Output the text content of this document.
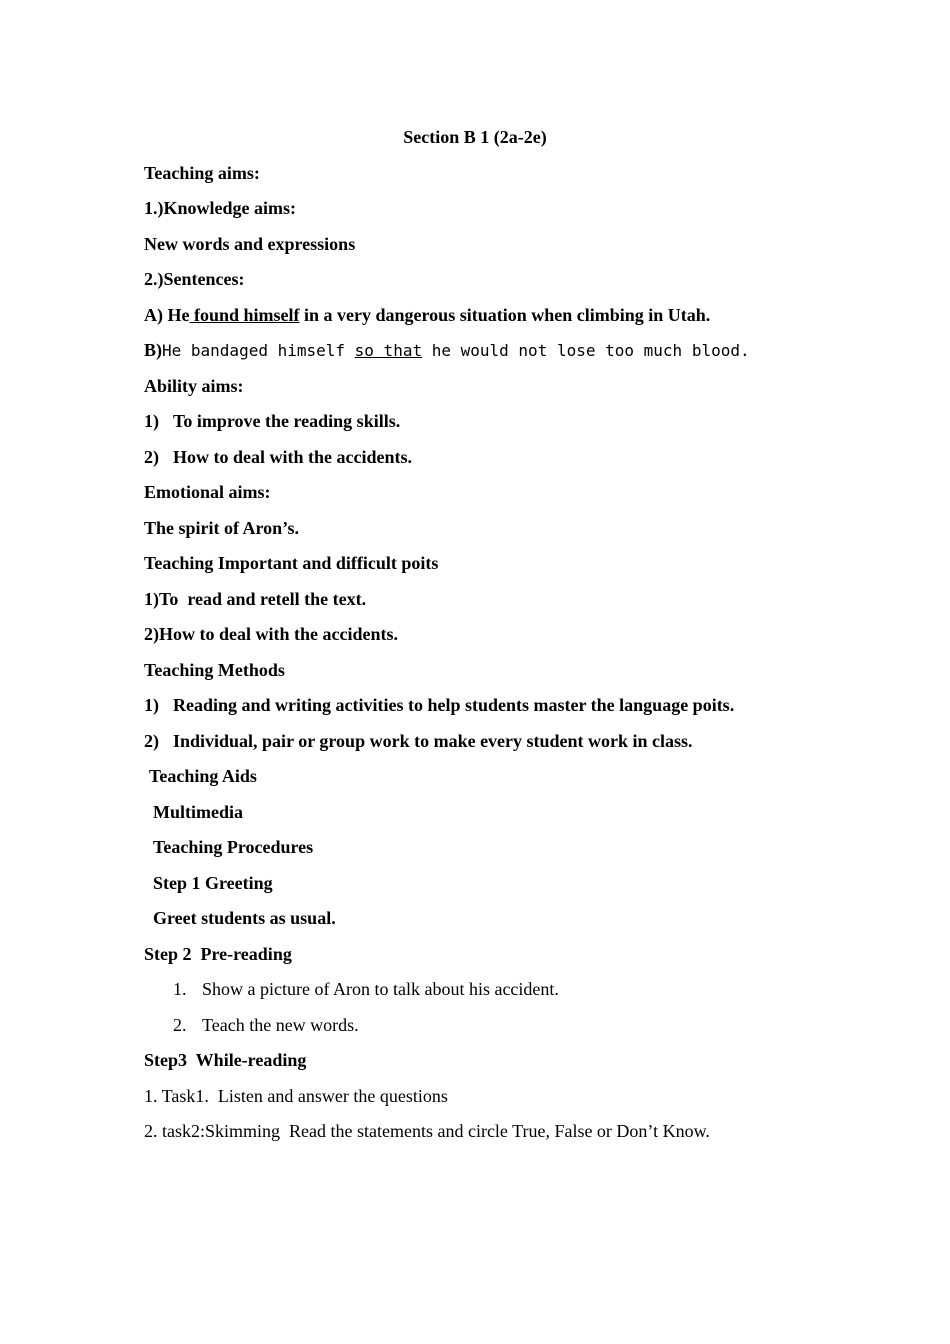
Section B 1 (2a-2e)
Teaching aims:
1.)Knowledge aims:
New words and expressions
2.)Sentences:
A) He found himself in a very dangerous situation when climbing in Utah.
B)He bandaged himself so that he would not lose too much blood.
Ability aims:
1) To improve the reading skills.
2) How to deal with the accidents.
Emotional aims:
The spirit of Aron’s.
Teaching Important and difficult poits
1)To  read and retell the text.
2)How to deal with the accidents.
Teaching Methods
1) Reading and writing activities to help students master the language poits.
2) Individual, pair or group work to make every student work in class.
Teaching Aids
Multimedia
Teaching Procedures
Step 1 Greeting
Greet students as usual.
Step 2  Pre-reading
1. Show a picture of Aron to talk about his accident.
2. Teach the new words.
Step3  While-reading
1. Task1.  Listen and answer the questions
2. task2:Skimming  Read the statements and circle True, False or Don’t Know.
